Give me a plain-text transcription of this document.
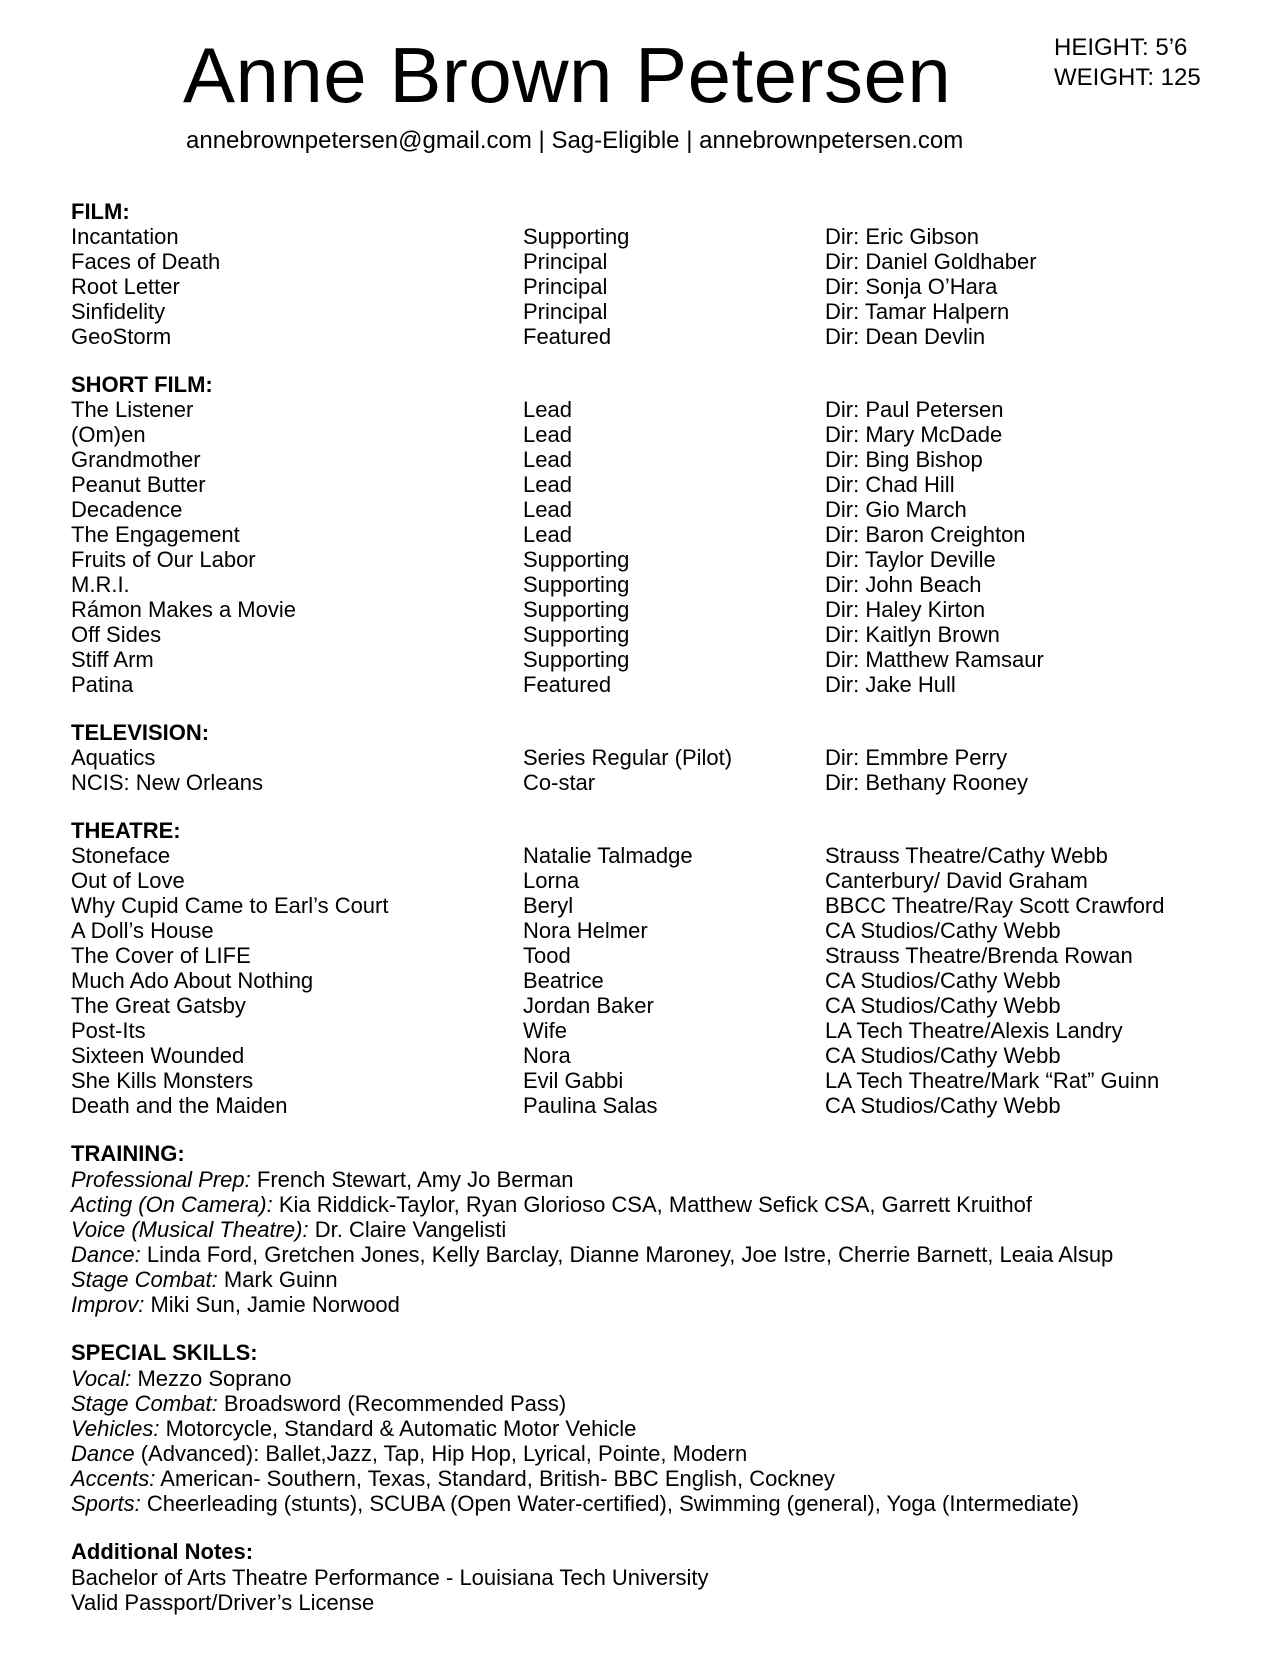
Anne Brown Petersen	HEIGHT: 5’6
WEIGHT: 125
annebrownpetersen@gmail.com | Sag-Eligible | annebrownpetersen.com
FILM:
Incantation	Supporting	Dir: Eric Gibson
Faces of Death	Principal	Dir: Daniel Goldhaber
Root Letter	Principal	Dir: Sonja O’Hara
Sinfidelity	Principal	Dir: Tamar Halpern
GeoStorm	Featured	Dir: Dean Devlin
SHORT FILM:
The Listener	Lead	Dir: Paul Petersen
(Om)en	Lead	Dir: Mary McDade
Grandmother	Lead	Dir: Bing Bishop
Peanut Butter	Lead	Dir: Chad Hill
Decadence	Lead	Dir: Gio March
The Engagement	Lead	Dir: Baron Creighton
Fruits of Our Labor	Supporting	Dir: Taylor Deville
M.R.I.	Supporting	Dir: John Beach
Rámon Makes a Movie	Supporting	Dir: Haley Kirton
Off Sides	Supporting	Dir: Kaitlyn Brown
Stiff Arm	Supporting	Dir: Matthew Ramsaur
Patina	Featured	Dir: Jake Hull
TELEVISION:
Aquatics	Series Regular (Pilot)	Dir: Emmbre Perry
NCIS: New Orleans	Co-star	Dir: Bethany Rooney
THEATRE:
Stoneface	Natalie Talmadge	Strauss Theatre/Cathy Webb
Out of Love	Lorna	Canterbury/ David Graham
Why Cupid Came to Earl’s Court	Beryl	BBCC Theatre/Ray Scott Crawford
A Doll’s House	Nora Helmer	CA Studios/Cathy Webb
The Cover of LIFE	Tood	Strauss Theatre/Brenda Rowan
Much Ado About Nothing	Beatrice	CA Studios/Cathy Webb
The Great Gatsby	Jordan Baker	CA Studios/Cathy Webb
Post-Its	Wife	LA Tech Theatre/Alexis Landry
Sixteen Wounded	Nora	CA Studios/Cathy Webb
She Kills Monsters	Evil Gabbi	LA Tech Theatre/Mark “Rat” Guinn
Death and the Maiden	Paulina Salas	CA Studios/Cathy Webb
TRAINING:
Professional Prep: French Stewart, Amy Jo Berman
Acting (On Camera): Kia Riddick-Taylor, Ryan Glorioso CSA, Matthew Sefick CSA, Garrett Kruithof
Voice (Musical Theatre): Dr. Claire Vangelisti
Dance: Linda Ford, Gretchen Jones, Kelly Barclay, Dianne Maroney, Joe Istre, Cherrie Barnett, Leaia Alsup
Stage Combat: Mark Guinn
Improv: Miki Sun, Jamie Norwood
SPECIAL SKILLS:
Vocal: Mezzo Soprano
Stage Combat: Broadsword (Recommended Pass)
Vehicles: Motorcycle, Standard & Automatic Motor Vehicle
Dance (Advanced): Ballet,Jazz, Tap, Hip Hop, Lyrical, Pointe, Modern
Accents: American- Southern, Texas, Standard, British- BBC English, Cockney
Sports: Cheerleading (stunts), SCUBA (Open Water-certified), Swimming (general), Yoga (Intermediate)
Additional Notes:
Bachelor of Arts Theatre Performance - Louisiana Tech University
Valid Passport/Driver’s License
